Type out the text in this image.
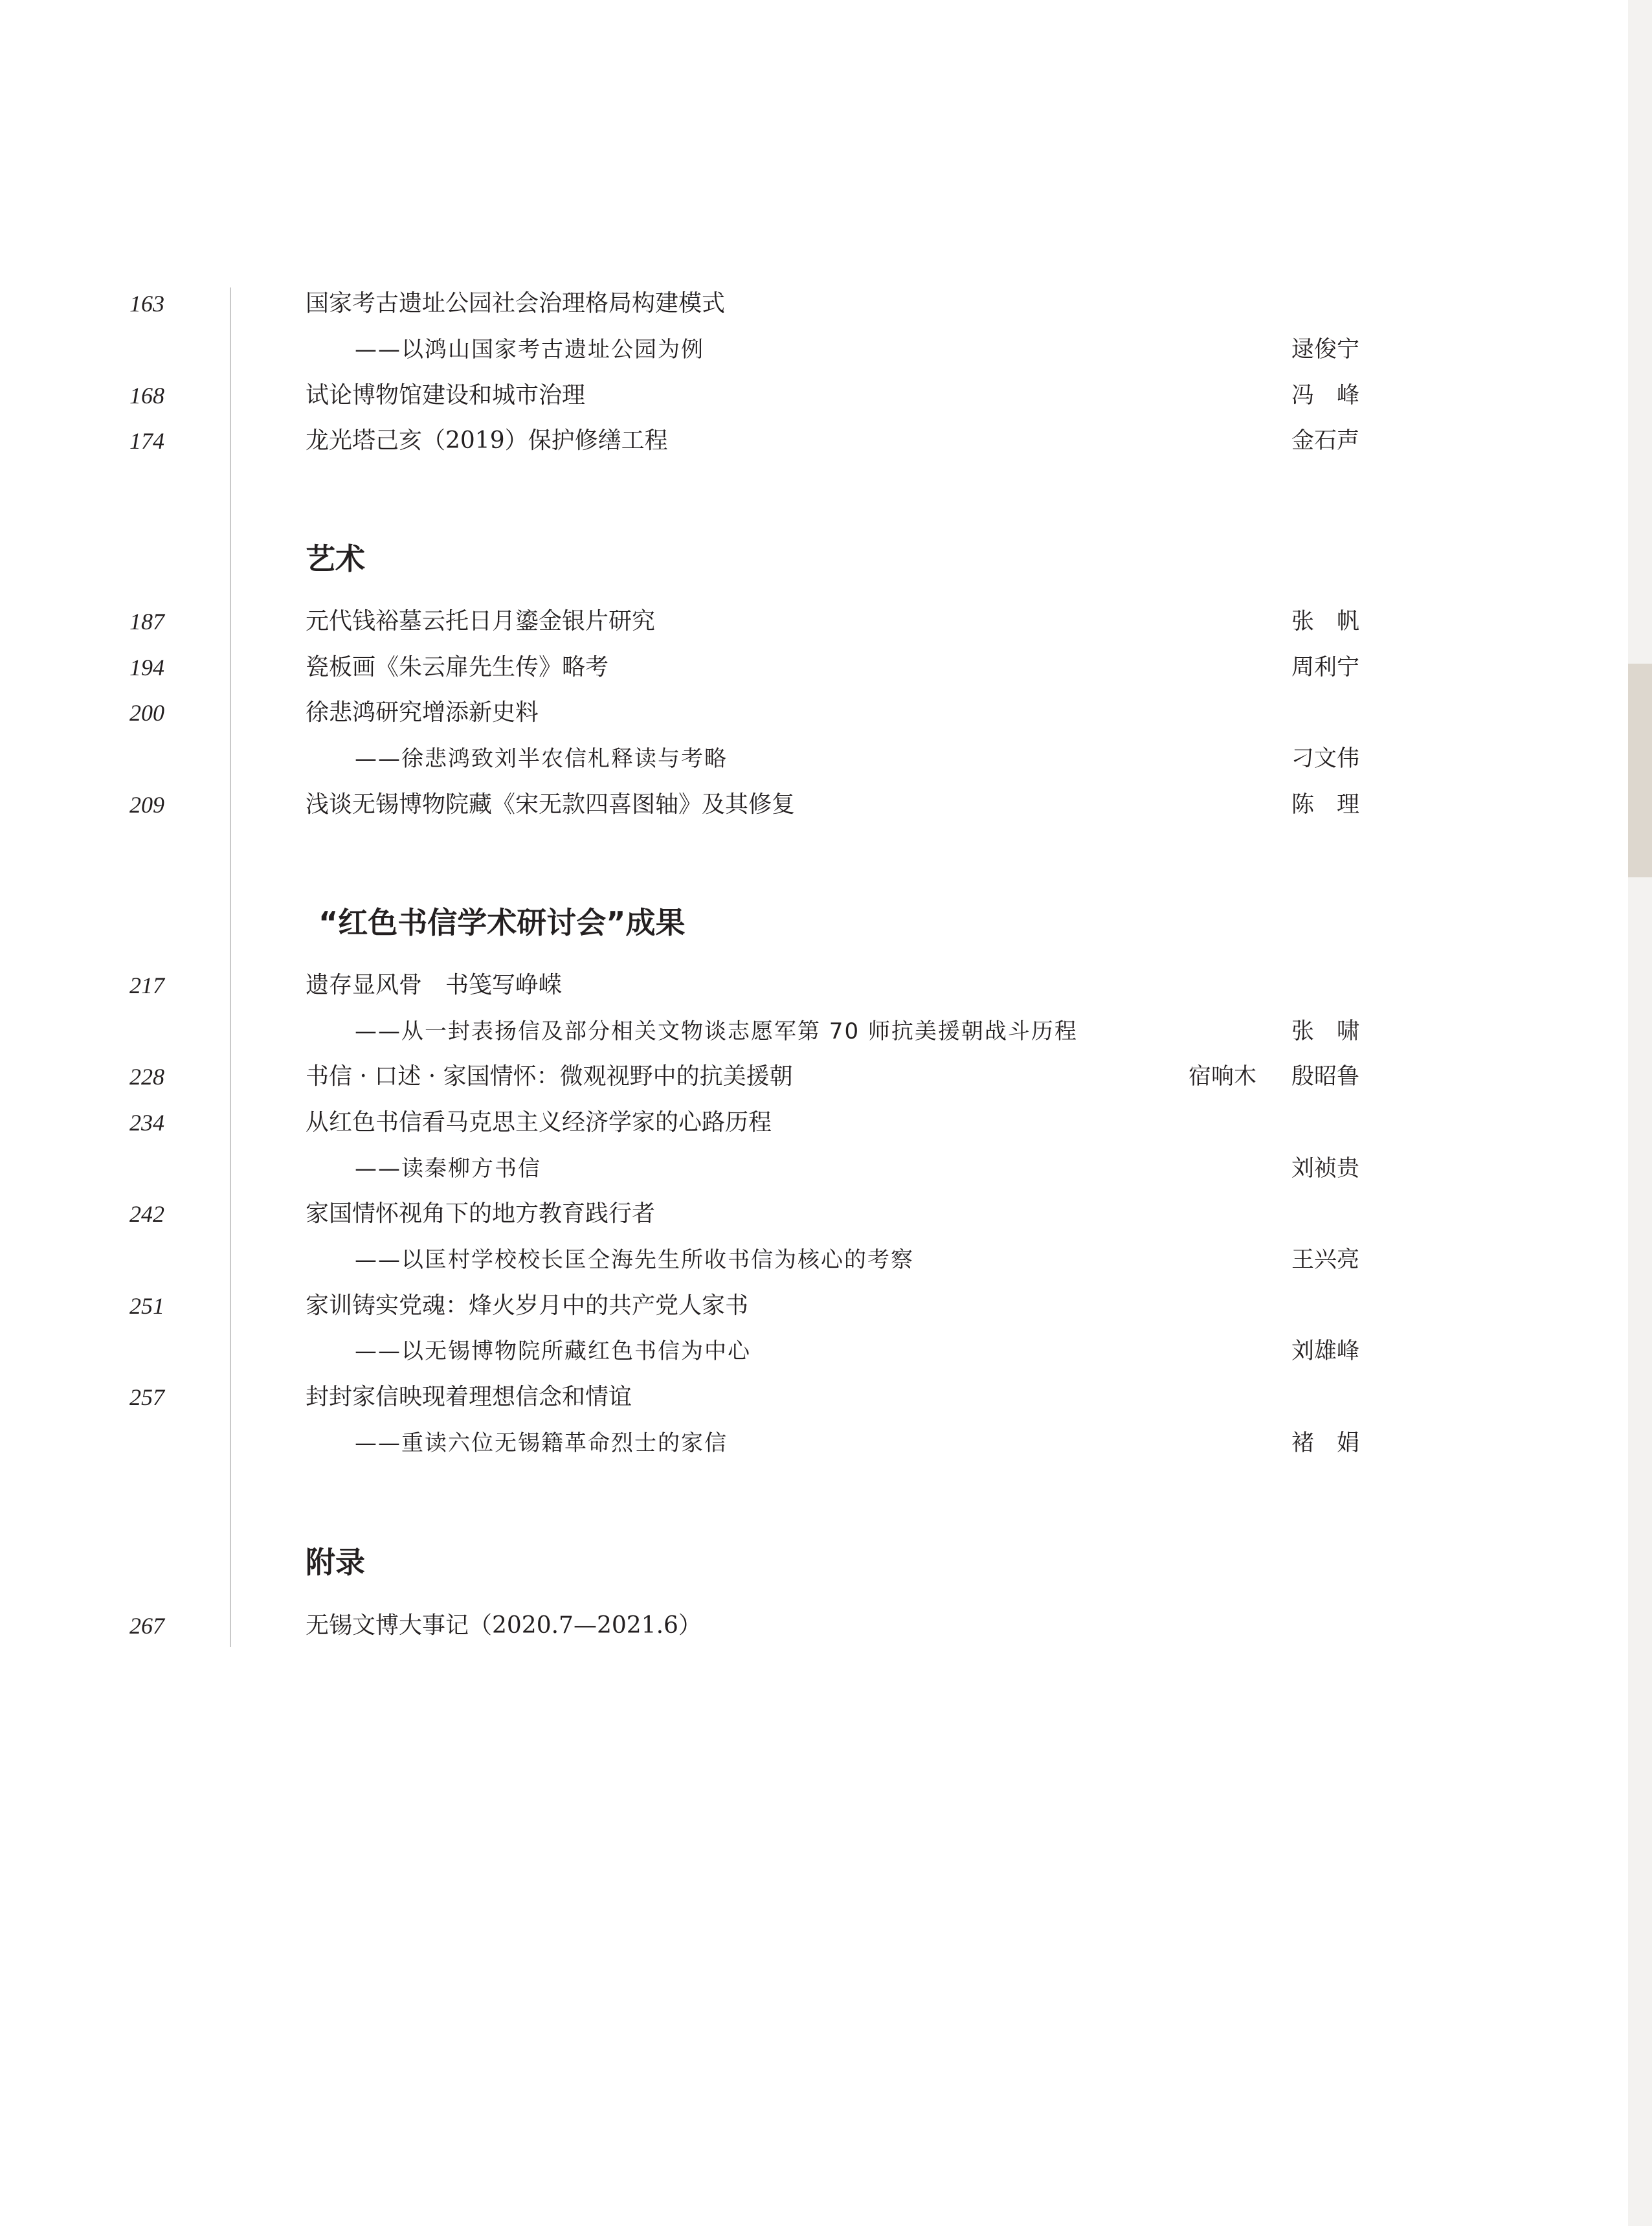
163	国家考古遗址公园社会治理格局构建模式
——以鸿山国家考古遗址公园为例	逯俊宁
168	试论博物馆建设和城市治理	冯　峰
174	龙光塔己亥（2019）保护修缮工程	金石声
艺术
187	元代钱裕墓云托日月鎏金银片研究	张　帆
194	瓷板画《朱云扉先生传》略考	周利宁
200	徐悲鸿研究增添新史料
——徐悲鸿致刘半农信札释读与考略	刁文伟
209	浅谈无锡博物院藏《宋无款四喜图轴》及其修复	陈　理
“红色书信学术研讨会”成果
217	遗存显风骨　书笺写峥嵘
——从一封表扬信及部分相关文物谈志愿军第 70 师抗美援朝战斗历程	张　啸
228	书信 · 口述 · 家国情怀：微观视野中的抗美援朝	宿响木 殷昭鲁
234	从红色书信看马克思主义经济学家的心路历程
——读秦柳方书信	刘祯贵
242	家国情怀视角下的地方教育践行者
——以匡村学校校长匡仝海先生所收书信为核心的考察	王兴亮
251	家训铸实党魂：烽火岁月中的共产党人家书
——以无锡博物院所藏红色书信为中心	刘雄峰
257	封封家信映现着理想信念和情谊
——重读六位无锡籍革命烈士的家信	褚　娟
附录
267	无锡文博大事记（2020.7—2021.6）
